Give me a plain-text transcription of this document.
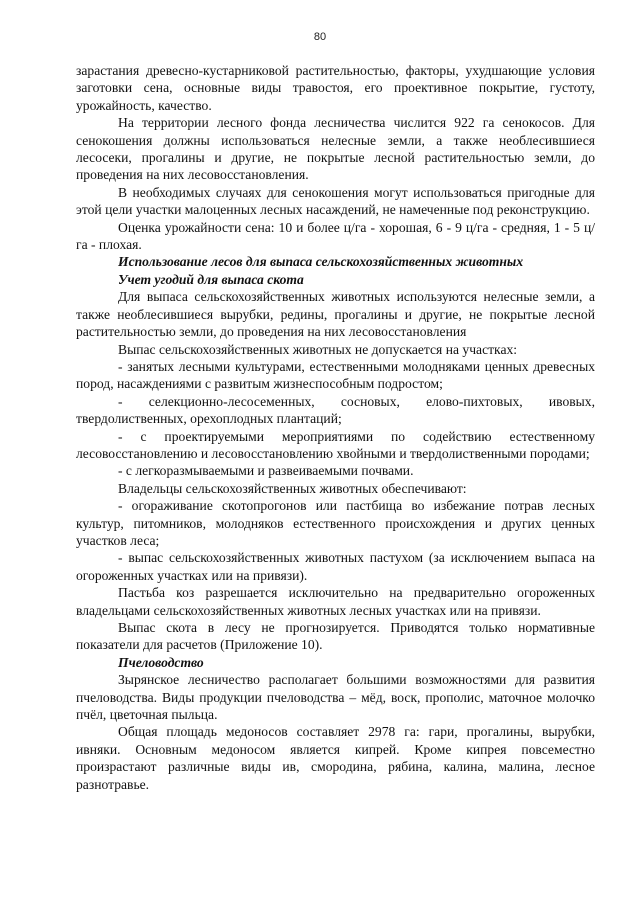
80

зарастания древесно-кустарниковой растительностью, факторы, ухудшающие условия заготовки сена, основные виды травостоя, его проективное покрытие, густоту, урожайность, качество.

На территории лесного фонда лесничества числится 922 га сенокосов. Для сенокошения должны использоваться нелесные земли, а также необлесившиеся лесосеки, прогалины и другие, не покрытые лесной растительностью земли, до проведения на них лесовосстановления.

В необходимых случаях для сенокошения могут использоваться пригодные для этой цели участки малоценных лесных насаждений, не намеченные под реконструкцию.

Оценка урожайности сена: 10 и более ц/га - хорошая, 6 - 9 ц/га - средняя, 1 - 5 ц/га - плохая.

Использование лесов для выпаса сельскохозяйственных животных

Учет угодий для выпаса скота

Для выпаса сельскохозяйственных животных используются нелесные земли, а также необлесившиеся вырубки, редины, прогалины и другие, не покрытые лесной растительностью земли, до проведения на них лесовосстановления

Выпас сельскохозяйственных животных не допускается на участках:

- занятых лесными культурами, естественными молодняками ценных древесных пород, насаждениями с развитым жизнеспособным подростом;

- селекционно-лесосеменных, сосновых, елово-пихтовых, ивовых, твердолиственных, орехоплодных плантаций;

- с проектируемыми мероприятиями по содействию естественному лесовосстановлению и лесовосстановлению хвойными и твердолиственными породами;

- с легкоразмываемыми и развеиваемыми почвами.

Владельцы сельскохозяйственных животных обеспечивают:

- огораживание скотопрогонов или пастбища во избежание потрав лесных культур, питомников, молодняков естественного происхождения и других ценных участков леса;

- выпас сельскохозяйственных животных пастухом (за исключением выпаса на огороженных участках или на привязи).

Пастьба коз разрешается исключительно на предварительно огороженных владельцами сельскохозяйственных животных лесных участках или на привязи.

Выпас скота в лесу не прогнозируется. Приводятся только нормативные показатели для расчетов (Приложение 10).

Пчеловодство

Зырянское лесничество располагает большими возможностями для развития пчеловодства. Виды продукции пчеловодства – мёд, воск, прополис, маточное молочко пчёл, цветочная пыльца.

Общая площадь медоносов составляет 2978 га: гари, прогалины, вырубки, ивняки. Основным медоносом является кипрей. Кроме кипрея повсеместно произрастают различные виды ив, смородина, рябина, калина, малина, лесное разнотравье.
